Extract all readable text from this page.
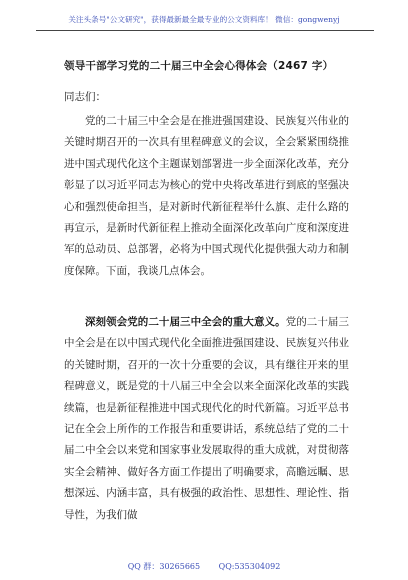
关注头条号"公文研究"，获得最新最全最专业的公文资料库！ 微信：gongwenyj
领导干部学习党的二十届三中全会心得体会（2467 字）
同志们：

党的二十届三中全会是在推进强国建设、民族复兴伟业的关键时期召开的一次具有里程碑意义的会议，全会紧紧围绕推进中国式现代化这个主题谋划部署进一步全面深化改革，充分彰显了以习近平同志为核心的党中央将改革进行到底的坚强决心和强烈使命担当，是对新时代新征程举什么旗、走什么路的再宣示，是新时代新征程上推动全面深化改革向广度和深度进军的总动员、总部署，必将为中国式现代化提供强大动力和制度保障。下面，我谈几点体会。

深刻领会党的二十届三中全会的重大意义。党的二十届三中全会是在以中国式现代化全面推进强国建设、民族复兴伟业的关键时期，召开的一次十分重要的会议，具有继往开来的里程碑意义，既是党的十八届三中全会以来全面深化改革的实践续篇，也是新征程推进中国式现代化的时代新篇。习近平总书记在全会上所作的工作报告和重要讲话，系统总结了党的二十届二中全会以来党和国家事业发展取得的重大成就，对贯彻落实全会精神、做好各方面工作提出了明确要求，高瞻远瞩、思想深远、内涵丰富，具有极强的政治性、思想性、理论性、指导性，为我们做

QQ 群：30265665 QQ:535304092
